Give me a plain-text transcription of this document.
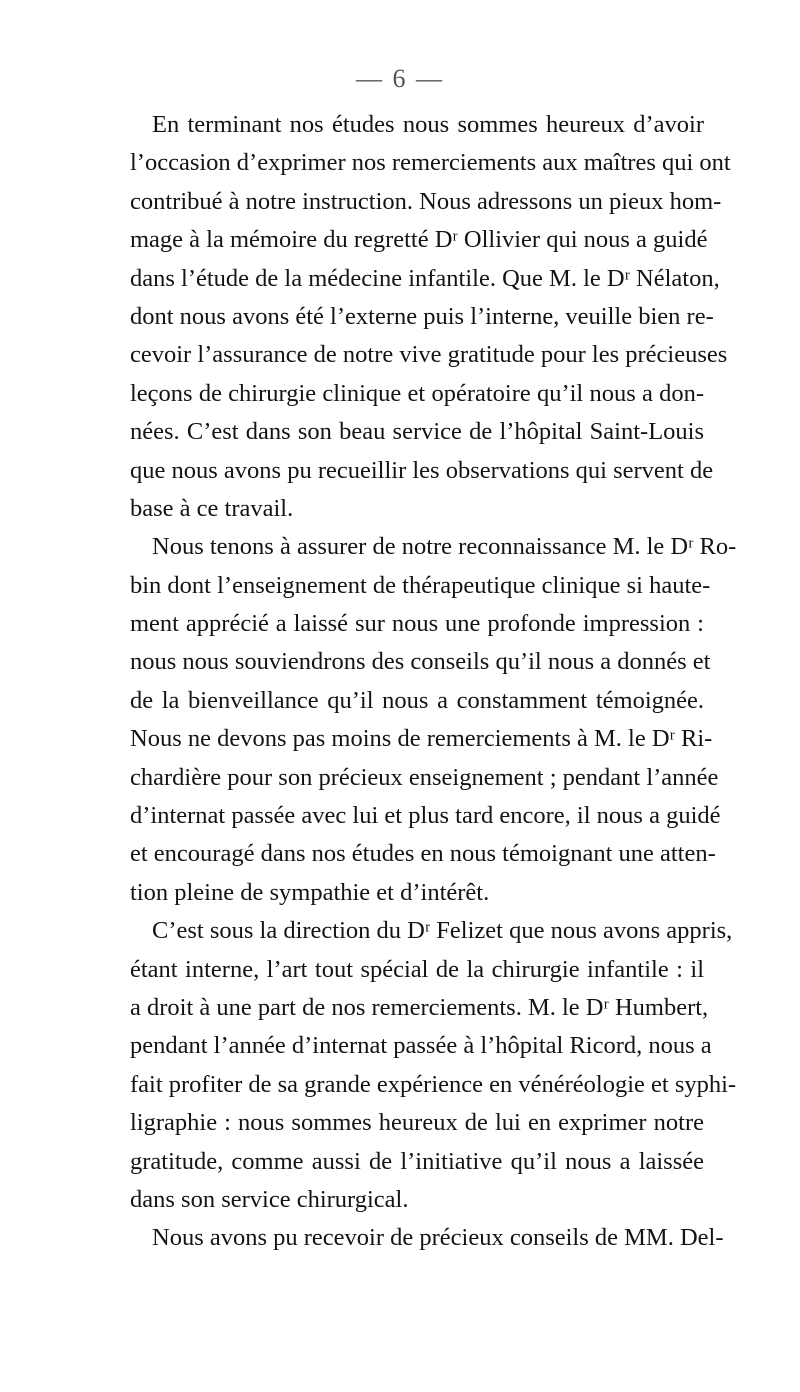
— 6 —
En terminant nos études nous sommes heureux d’avoir
l’occasion d’exprimer nos remerciements aux maîtres qui ont
contribué à notre instruction. Nous adressons un pieux hom-
mage à la mémoire du regretté Dʳ Ollivier qui nous a guidé
dans l’étude de la médecine infantile. Que M. le Dʳ Nélaton,
dont nous avons été l’externe puis l’interne, veuille bien re-
cevoir l’assurance de notre vive gratitude pour les précieuses
leçons de chirurgie clinique et opératoire qu’il nous a don-
nées. C’est dans son beau service de l’hôpital Saint-Louis
que nous avons pu recueillir les observations qui servent de
base à ce travail.
Nous tenons à assurer de notre reconnaissance M. le Dʳ Ro-
bin dont l’enseignement de thérapeutique clinique si haute-
ment apprécié a laissé sur nous une profonde impression :
nous nous souviendrons des conseils qu’il nous a donnés et
de la bienveillance qu’il nous a constamment témoignée.
Nous ne devons pas moins de remerciements à M. le Dʳ Ri-
chardière pour son précieux enseignement ; pendant l’année
d’internat passée avec lui et plus tard encore, il nous a guidé
et encouragé dans nos études en nous témoignant une atten-
tion pleine de sympathie et d’intérêt.
C’est sous la direction du Dʳ Felizet que nous avons appris,
étant interne, l’art tout spécial de la chirurgie infantile : il
a droit à une part de nos remerciements. M. le Dʳ Humbert,
pendant l’année d’internat passée à l’hôpital Ricord, nous a
fait profiter de sa grande expérience en vénéréologie et syphi-
ligraphie : nous sommes heureux de lui en exprimer notre
gratitude, comme aussi de l’initiative qu’il nous a laissée
dans son service chirurgical.
Nous avons pu recevoir de précieux conseils de MM. Del-
